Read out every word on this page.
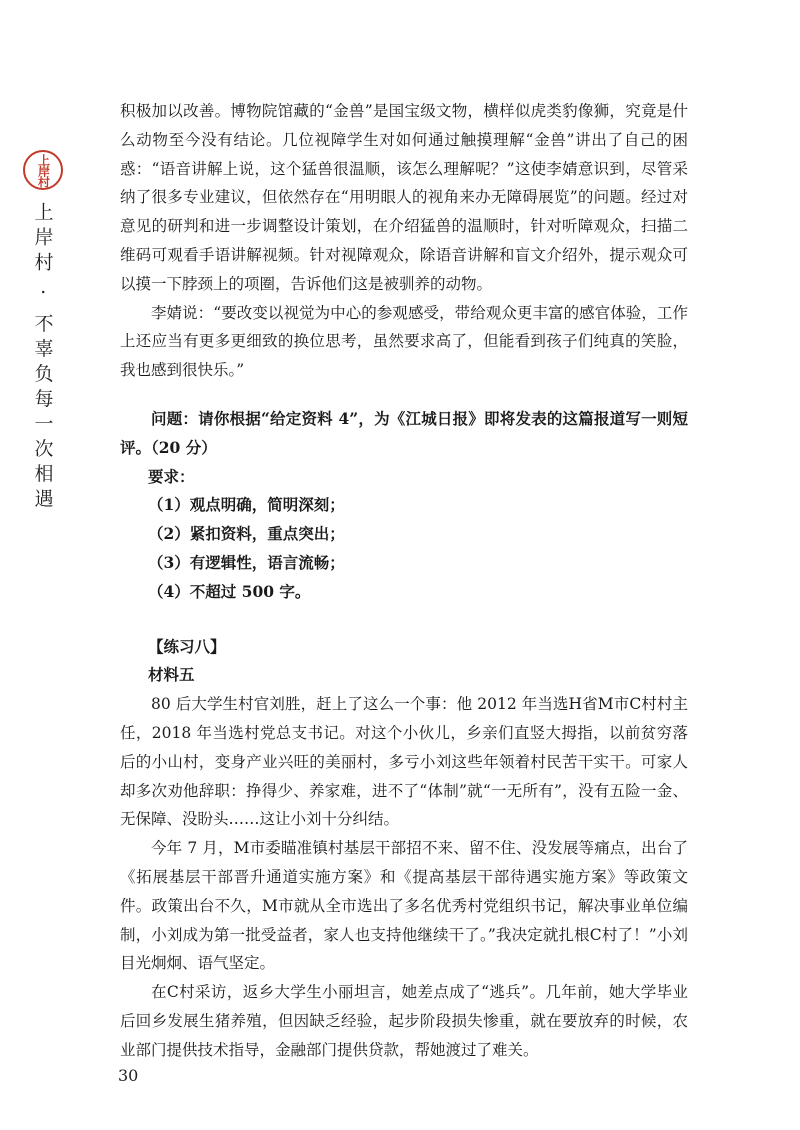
上岸村
上岸村 · 不辜负每一次相遇

积极加以改善。博物院馆藏的“金兽”是国宝级文物，横样似虎类豹像狮，究竟是什么动物至今没有结论。几位视障学生对如何通过触摸理解“金兽”讲出了自己的困惑：“语音讲解上说，这个猛兽很温顺，该怎么理解呢？”这使李婧意识到，尽管采纳了很多专业建议，但依然存在“用明眼人的视角来办无障碍展览”的问题。经过对意见的研判和进一步调整设计策划，在介绍猛兽的温顺时，针对听障观众，扫描二维码可观看手语讲解视频。针对视障观众，除语音讲解和盲文介绍外，提示观众可以摸一下脖颈上的项圈，告诉他们这是被驯养的动物。

李婧说：“要改变以视觉为中心的参观感受，带给观众更丰富的感官体验，工作上还应当有更多更细致的换位思考，虽然要求高了，但能看到孩子们纯真的笑脸，我也感到很快乐。”

问题：请你根据“给定资料 4”，为《江城日报》即将发表的这篇报道写一则短评。（20 分）

要求：

（1）观点明确，简明深刻；

（2）紧扣资料，重点突出；

（3）有逻辑性，语言流畅；

（4）不超过 500 字。

【练习八】

材料五

80 后大学生村官刘胜，赶上了这么一个事：他 2012 年当选H省M市C村村主任，2018 年当选村党总支书记。对这个小伙儿，乡亲们直竖大拇指，以前贫穷落后的小山村，变身产业兴旺的美丽村，多亏小刘这些年领着村民苦干实干。可家人却多次劝他辞职：挣得少、养家难，进不了“体制”就“一无所有”，没有五险一金、无保障、没盼头……这让小刘十分纠结。

今年 7 月，M市委瞄准镇村基层干部招不来、留不住、没发展等痛点，出台了《拓展基层干部晋升通道实施方案》和《提高基层干部待遇实施方案》等政策文件。政策出台不久，M市就从全市选出了多名优秀村党组织书记，解决事业单位编制，小刘成为第一批受益者，家人也支持他继续干了。”我决定就扎根C村了！”小刘目光炯炯、语气坚定。

在C村采访，返乡大学生小丽坦言，她差点成了“逃兵”。几年前，她大学毕业后回乡发展生猪养殖，但因缺乏经验，起步阶段损失惨重，就在要放弃的时候，农业部门提供技术指导，金融部门提供贷款，帮她渡过了难关。

30
